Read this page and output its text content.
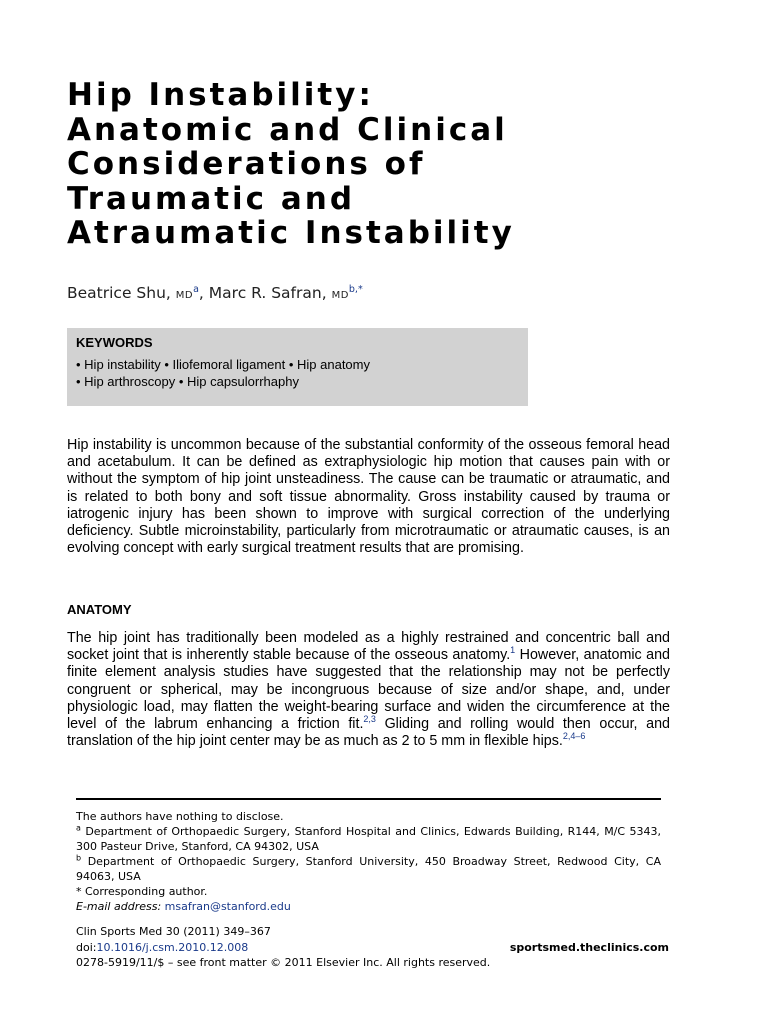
Hip Instability:
Anatomic and Clinical
Considerations of
Traumatic and
Atraumatic Instability
Beatrice Shu, $MD^a$, Marc R. Safran, $MD^{b,*}$
KEYWORDS
• Hip instability • Iliofemoral ligament • Hip anatomy
• Hip arthroscopy • Hip capsulorrhaphy

Hip instability is uncommon because of the substantial conformity of the osseous femoral head and acetabulum. It can be defined as extraphysiologic hip motion that causes pain with or without the symptom of hip joint unsteadiness. The cause can be traumatic or atraumatic, and is related to both bony and soft tissue abnormality. Gross instability caused by trauma or iatrogenic injury has been shown to improve with surgical correction of the underlying deficiency. Subtle microinstability, particularly from microtraumatic or atraumatic causes, is an evolving concept with early surgical treatment results that are promising.

ANATOMY

The hip joint has traditionally been modeled as a highly restrained and concentric ball and socket joint that is inherently stable because of the osseous anatomy.$^1$ However, anatomic and finite element analysis studies have suggested that the relationship may not be perfectly congruent or spherical, may be incongruous because of size and/or shape, and, under physiologic load, may flatten the weight-bearing surface and widen the circumference at the level of the labrum enhancing a friction fit.$^{2,3}$ Gliding and rolling would then occur, and translation of the hip joint center may be as much as 2 to 5 mm in flexible hips.$^{2,4-6}$

The authors have nothing to disclose.

$^a$ Department of Orthopaedic Surgery, Stanford Hospital and Clinics, Edwards Building, R144, M/C 5343, 300 Pasteur Drive, Stanford, CA 94302, USA

$^b$ Department of Orthopaedic Surgery, Stanford University, 450 Broadway Street, Redwood City, CA 94063, USA

* Corresponding author.

E-mail address: msafran@stanford.edu

Clin Sports Med 30 (2011) 349–367

doi:10.1016/j.csm.2010.12.008	sportsmed.theclinics.com

0278-5919/11/$ – see front matter © 2011 Elsevier Inc. All rights reserved.
